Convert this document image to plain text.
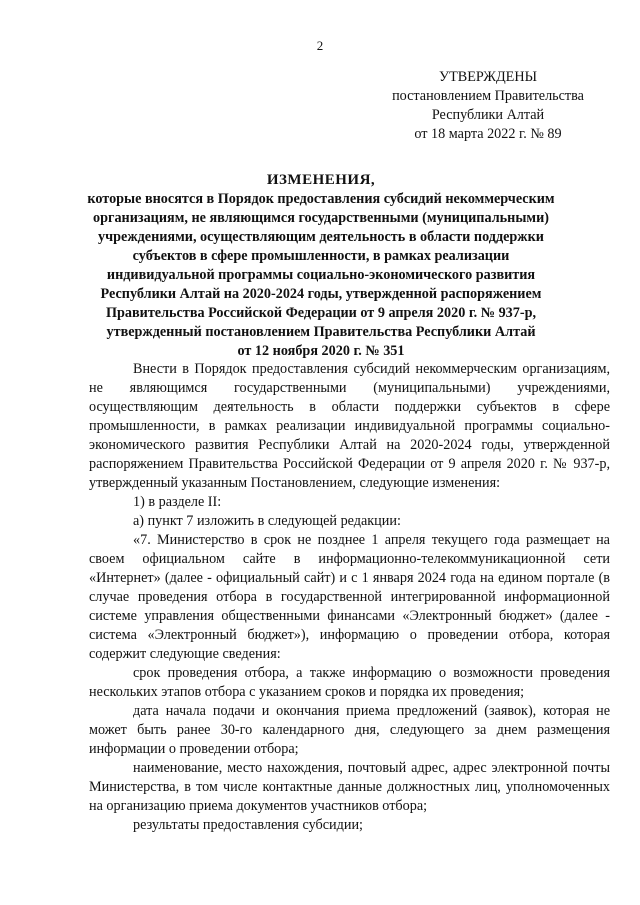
2
УТВЕРЖДЕНЫ
постановлением Правительства
Республики Алтай
от 18 марта 2022 г. № 89
ИЗМЕНЕНИЯ,
которые вносятся в Порядок предоставления субсидий некоммерческим
организациям, не являющимся государственными (муниципальными)
учреждениями, осуществляющим деятельность в области поддержки
субъектов в сфере промышленности, в рамках реализации
индивидуальной программы социально-экономического развития
Республики Алтай на 2020-2024 годы, утвержденной распоряжением
Правительства Российской Федерации от 9 апреля 2020 г. № 937-р,
утвержденный постановлением Правительства Республики Алтай
от 12 ноября 2020 г. № 351

Внести в Порядок предоставления субсидий некоммерческим организациям, не являющимся государственными (муниципальными) учреждениями, осуществляющим деятельность в области поддержки субъектов в сфере промышленности, в рамках реализации индивидуальной программы социально-экономического развития Республики Алтай на 2020-2024 годы, утвержденной распоряжением Правительства Российской Федерации от 9 апреля 2020 г. № 937-р, утвержденный указанным Постановлением, следующие изменения:

1) в разделе II:

а) пункт 7 изложить в следующей редакции:

«7. Министерство в срок не позднее 1 апреля текущего года размещает на своем официальном сайте в информационно-телекоммуникационной сети «Интернет» (далее - официальный сайт) и с 1 января 2024 года на едином портале (в случае проведения отбора в государственной интегрированной информационной системе управления общественными финансами «Электронный бюджет» (далее - система «Электронный бюджет»), информацию о проведении отбора, которая содержит следующие сведения:

срок проведения отбора, а также информацию о возможности проведения нескольких этапов отбора с указанием сроков и порядка их проведения;

дата начала подачи и окончания приема предложений (заявок), которая не может быть ранее 30-го календарного дня, следующего за днем размещения информации о проведении отбора;

наименование, место нахождения, почтовый адрес, адрес электронной почты Министерства, в том числе контактные данные должностных лиц, уполномоченных на организацию приема документов участников отбора;

результаты предоставления субсидии;
